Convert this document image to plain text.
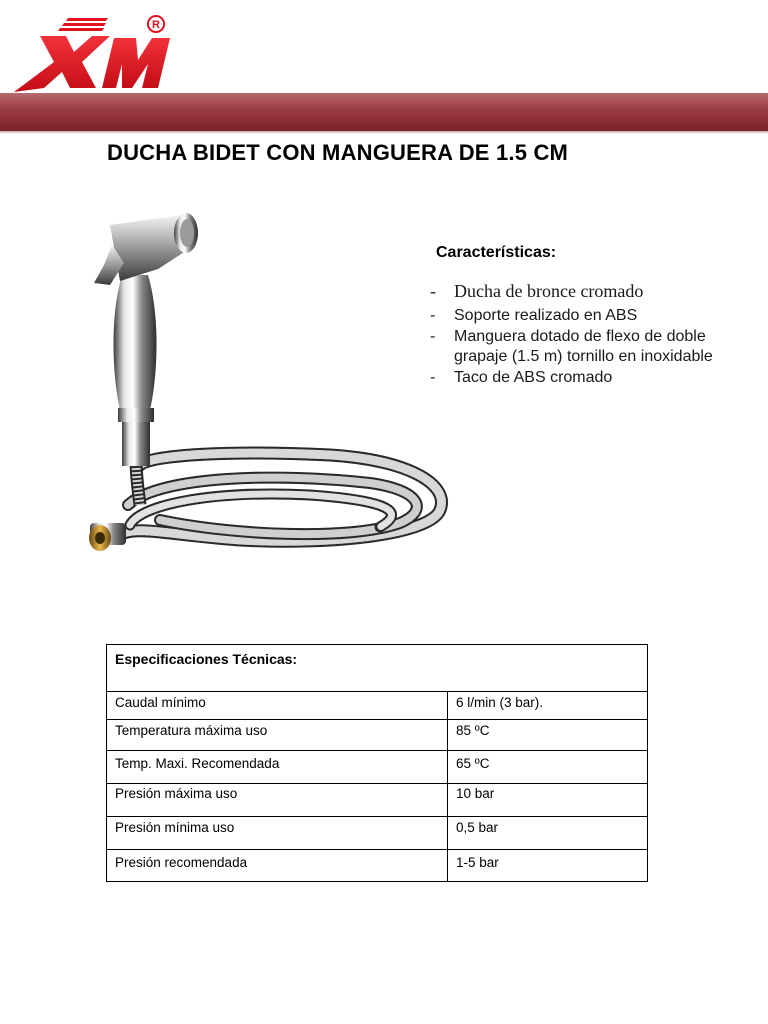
R
DUCHA BIDET CON MANGUERA DE 1.5 CM
Características:
- Ducha de bronce cromado
- Soporte realizado en ABS
- Manguera dotado de flexo de doble grapaje (1.5 m) tornillo en inoxidable
- Taco de ABS cromado
Especificaciones Técnicas:	
Caudal mínimo	6 l/min (3 bar).
Temperatura máxima uso	85 ºC
Temp. Maxi. Recomendada	65 ºC
Presión máxima uso	10 bar
Presión mínima uso	0,5 bar
Presión recomendada	1-5 bar
